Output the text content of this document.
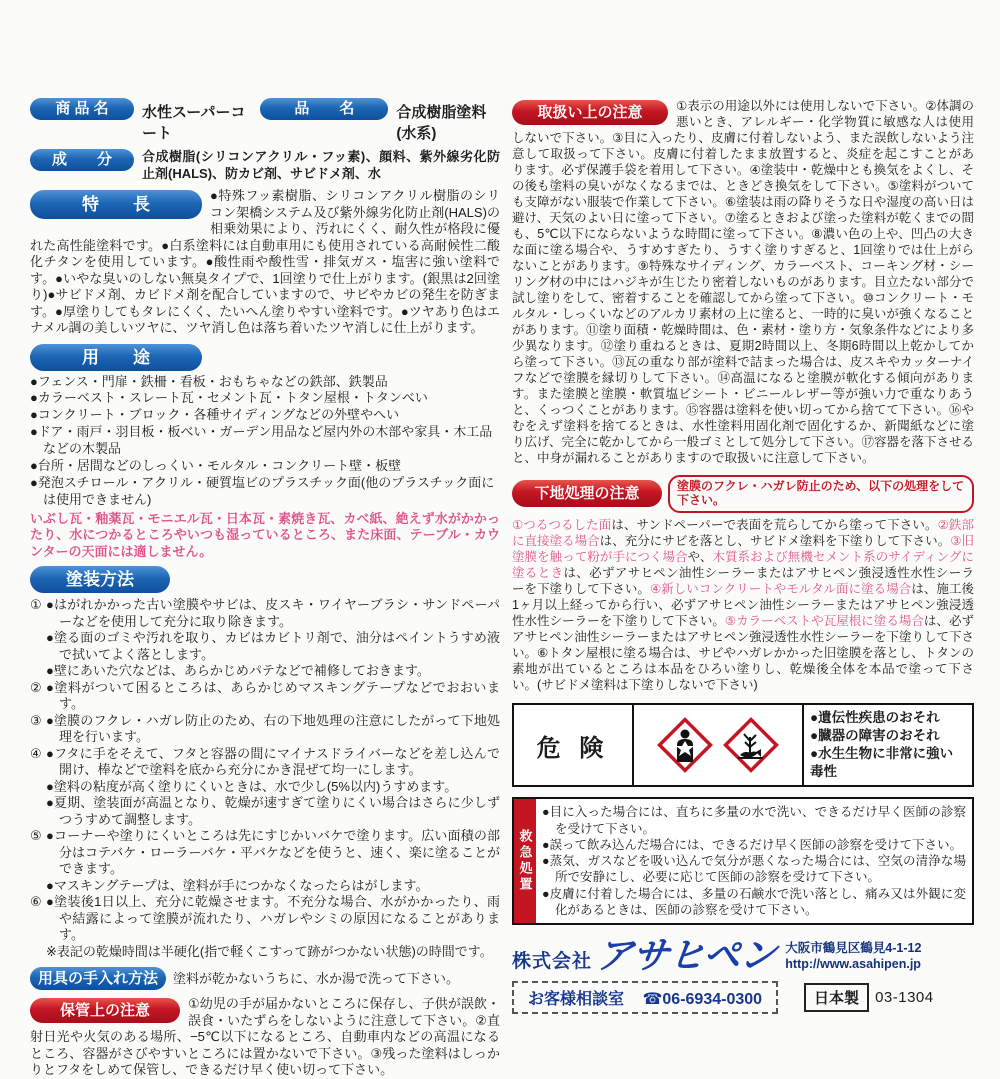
商 品 名	水性スーパーコート
品　　名	合成樹脂塗料(水系)
成　　分	合成樹脂(シリコンアクリル・フッ素)、顔料、紫外線劣化防止剤(HALS)、防カビ剤、サビドメ剤、水
特　　長	●特殊フッ素樹脂、シリコンアクリル樹脂のシリコン架橋システム及び紫外線劣化防止剤(HALS)の相乗効果により、汚れにくく、耐久性が格段に優れた高性能塗料です。●白系塗料には自動車用にも使用されている高耐候性二酸化チタンを使用しています。●酸性雨や酸性雪・排気ガス・塩害に強い塗料です。●いやな臭いのしない無臭タイプで、1回塗りで仕上がります。(銀黒は2回塗り)●サビドメ剤、カビドメ剤を配合していますので、サビやカビの発生を防ぎます。●厚塗りしてもタレにくく、たいへん塗りやすい塗料です。●ツヤあり色はエナメル調の美しいツヤに、ツヤ消し色は落ち着いたツヤ消しに仕上がります。
用　　途
●フェンス・門扉・鉄柵・看板・おもちゃなどの鉄部、鉄製品
●カラーベスト・スレート瓦・セメント瓦・トタン屋根・トタンべい
●コンクリート・ブロック・各種サイディングなどの外壁やへい
●ドア・雨戸・羽目板・板べい・ガーデン用品など屋内外の木部や家具・木工品などの木製品
●台所・居間などのしっくい・モルタル・コンクリート壁・板壁
●発泡スチロール・アクリル・硬質塩ビのプラスチック面(他のプラスチック面には使用できません)
いぶし瓦・釉薬瓦・モニエル瓦・日本瓦・素焼き瓦、カベ紙、絶えず水がかかったり、水につかるところやいつも湿っているところ、また床面、テーブル・カウンターの天面には適しません。
塗装方法
① ●はがれかかった古い塗膜やサビは、皮スキ・ワイヤーブラシ・サンドペーパーなどを使用して充分に取り除きます。
●塗る面のゴミや汚れを取り、カビはカビトリ剤で、油分はペイントうすめ液で拭いてよく落とします。
●壁にあいた穴などは、あらかじめパテなどで補修しておきます。
② ●塗料がついて困るところは、あらかじめマスキングテープなどでおおいます。
③ ●塗膜のフクレ・ハガレ防止のため、右の下地処理の注意にしたがって下地処理を行います。
④ ●フタに手をそえて、フタと容器の間にマイナスドライバーなどを差し込んで開け、棒などで塗料を底から充分にかき混ぜて均一にします。
●塗料の粘度が高く塗りにくいときは、水で少し(5%以内)うすめます。
●夏期、塗装面が高温となり、乾燥が速すぎて塗りにくい場合はさらに少しずつうすめて調整します。
⑤ ●コーナーや塗りにくいところは先にすじかいバケで塗ります。広い面積の部分はコテバケ・ローラーバケ・平バケなどを使うと、速く、楽に塗ることができます。
●マスキングテープは、塗料が手につかなくなったらはがします。
⑥ ●塗装後1日以上、充分に乾燥させます。不充分な場合、水がかかったり、雨や結露によって塗膜が流れたり、ハガレやシミの原因になることがあります。
※表記の乾燥時間は半硬化(指で軽くこすって跡がつかない状態)の時間です。
用具の手入れ方法	塗料が乾かないうちに、水か湯で洗って下さい。
保管上の注意	①幼児の手が届かないところに保存し、子供が誤飲・誤食・いたずらをしないように注意して下さい。②直射日光や火気のある場所、−5℃以下になるところ、自動車内などの高温になるところ、容器がさびやすいところには置かないで下さい。③残った塗料はしっかりとフタをしめて保管し、できるだけ早く使い切って下さい。
取扱い上の注意	①表示の用途以外には使用しないで下さい。②体調の悪いとき、アレルギー・化学物質に敏感な人は使用しないで下さい。③目に入ったり、皮膚に付着しないよう、また誤飲しないよう注意して取扱って下さい。皮膚に付着したまま放置すると、炎症を起こすことがあります。必ず保護手袋を着用して下さい。④塗装中・乾燥中とも換気をよくし、その後も塗料の臭いがなくなるまでは、ときどき換気をして下さい。⑤塗料がついても支障がない服装で作業して下さい。⑥塗装は雨の降りそうな日や湿度の高い日は避け、天気のよい日に塗って下さい。⑦塗るときおよび塗った塗料が乾くまでの間も、5℃以下にならないような時間に塗って下さい。⑧濃い色の上や、凹凸の大きな面に塗る場合や、うすめすぎたり、うすく塗りすぎると、1回塗りでは仕上がらないことがあります。⑨特殊なサイディング、カラーベスト、コーキング材・シーリング材の中にはハジキが生じたり密着しないものがあります。目立たない部分で試し塗りをして、密着することを確認してから塗って下さい。⑩コンクリート・モルタル・しっくいなどのアルカリ素材の上に塗ると、一時的に臭いが強くなることがあります。⑪塗り面積・乾燥時間は、色・素材・塗り方・気象条件などにより多少異なります。⑫塗り重ねるときは、夏期2時間以上、冬期6時間以上乾かしてから塗って下さい。⑬瓦の重なり部が塗料で詰まった場合は、皮スキやカッターナイフなどで塗膜を縁切りして下さい。⑭高温になると塗膜が軟化する傾向があります。また塗膜と塗膜・軟質塩ビシート・ビニールレザー等が強い力で重なりあうと、くっつくことがあります。⑮容器は塗料を使い切ってから捨てて下さい。⑯やむをえず塗料を捨てるときは、水性塗料用固化剤で固化するか、新聞紙などに塗り広げ、完全に乾かしてから一般ゴミとして処分して下さい。⑰容器を落下させると、中身が漏れることがありますので取扱いに注意して下さい。
下地処理の注意	塗膜のフクレ・ハガレ防止のため、以下の処理をして下さい。
①つるつるした面は、サンドペーパーで表面を荒らしてから塗って下さい。②鉄部に直接塗る場合は、充分にサビを落とし、サビドメ塗料を下塗りして下さい。③旧塗膜を触って粉が手につく場合や、木質系および無機セメント系のサイディングに塗るときは、必ずアサヒペン油性シーラーまたはアサヒペン強浸透性水性シーラーを下塗りして下さい。④新しいコンクリートやモルタル面に塗る場合は、施工後1ヶ月以上経ってから行い、必ずアサヒペン油性シーラーまたはアサヒペン強浸透性水性シーラーを下塗りして下さい。⑤カラーベストや瓦屋根に塗る場合は、必ずアサヒペン油性シーラーまたはアサヒペン強浸透性水性シーラーを下塗りして下さい。⑥トタン屋根に塗る場合は、サビやハガレかかった旧塗膜を落とし、トタンの素地が出ているところは本品をひろい塗りし、乾燥後全体を本品で塗って下さい。(サビドメ塗料は下塗りしないで下さい)
危 険
●遺伝性疾患のおそれ
●臓器の障害のおそれ
●水生生物に非常に強い毒性
救急処置
●目に入った場合には、直ちに多量の水で洗い、できるだけ早く医師の診察を受けて下さい。
●誤って飲み込んだ場合には、できるだけ早く医師の診察を受けて下さい。
●蒸気、ガスなどを吸い込んで気分が悪くなった場合には、空気の清浄な場所で安静にし、必要に応じて医師の診察を受けて下さい。
●皮膚に付着した場合には、多量の石鹸水で洗い落とし、痛み又は外観に変化があるときは、医師の診察を受けて下さい。
株式会社 アサヒペン 大阪市鶴見区鶴見4-1-12
http://www.asahipen.jp
お客様相談室 ☎06-6934-0300	日本製	03-1304
